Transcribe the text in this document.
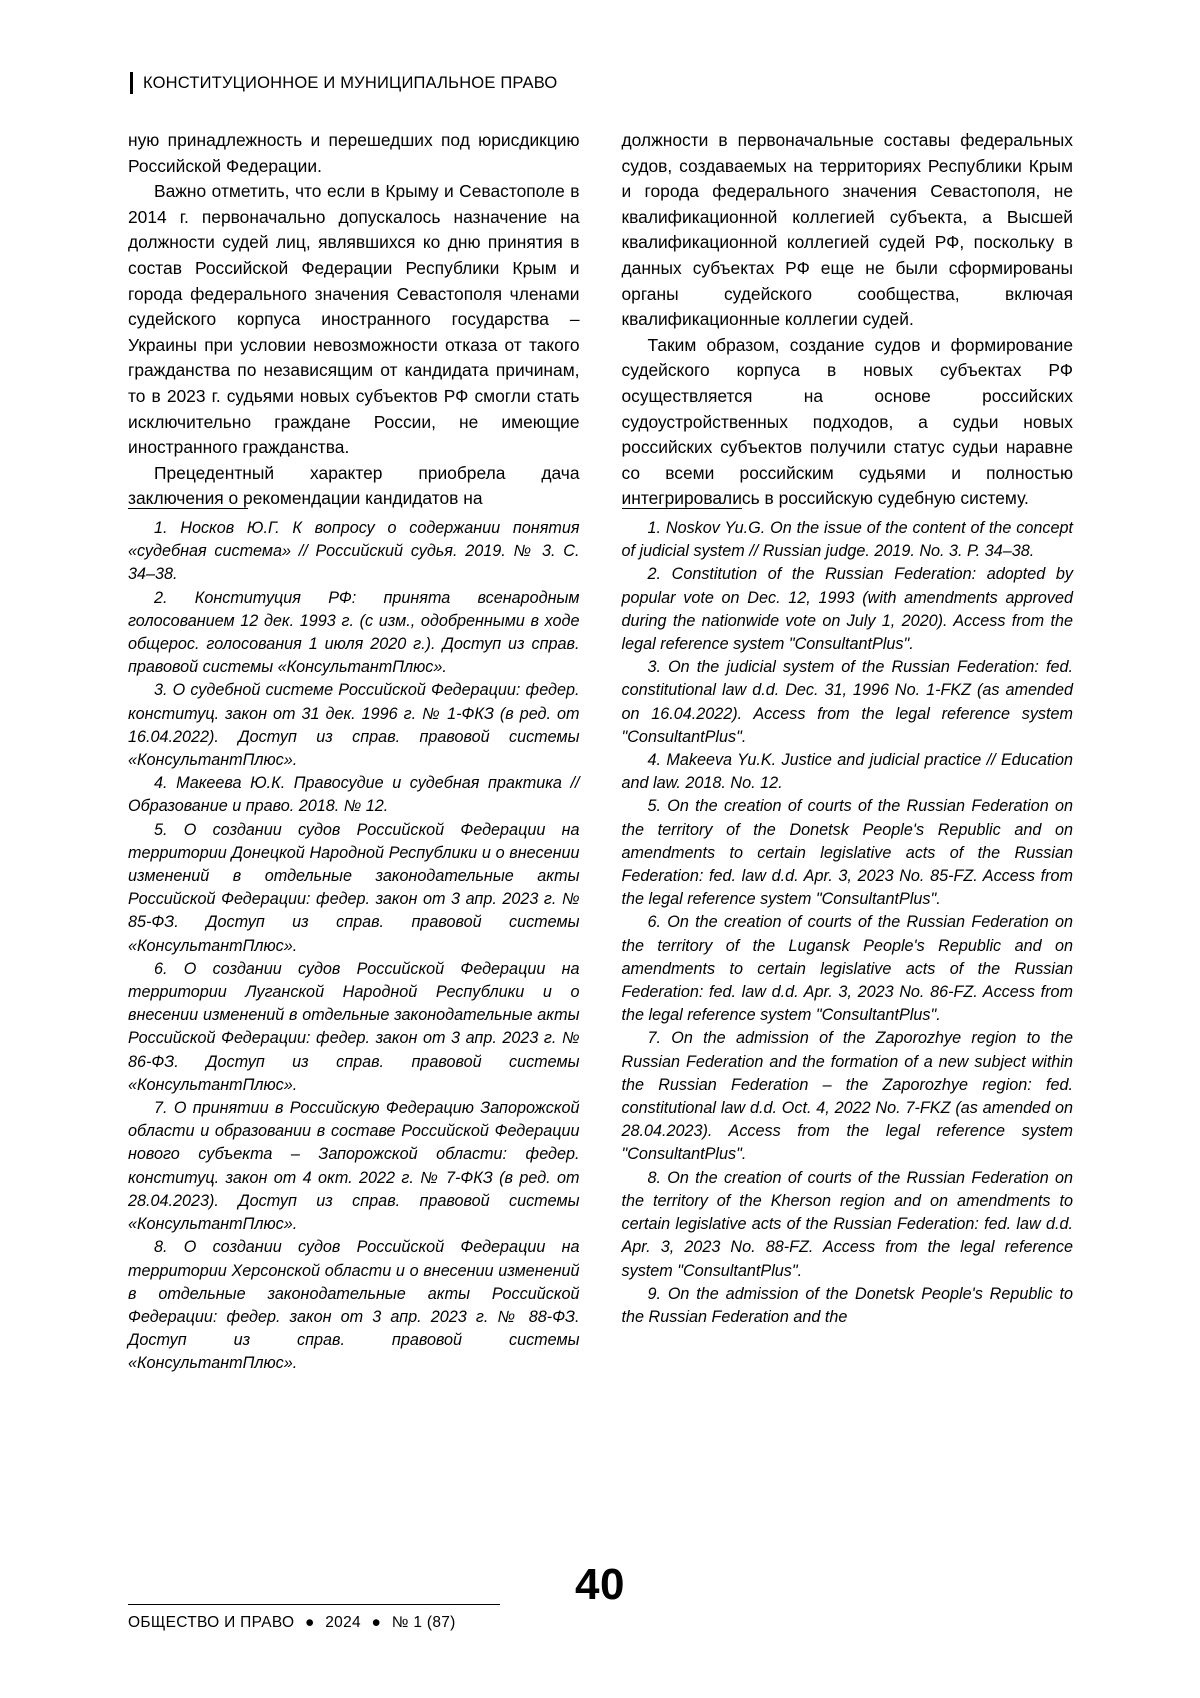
КОНСТИТУЦИОННОЕ И МУНИЦИПАЛЬНОЕ ПРАВО

ную принадлежность и перешедших под юрисдикцию Российской Федерации.

Важно отметить, что если в Крыму и Севастополе в 2014 г. первоначально допускалось назначение на должности судей лиц, являвшихся ко дню принятия в состав Российской Федерации Республики Крым и города федерального значения Севастополя членами судейского корпуса иностранного государства – Украины при условии невозможности отказа от такого гражданства по независящим от кандидата причинам, то в 2023 г. судьями новых субъектов РФ смогли стать исключительно граждане России, не имеющие иностранного гражданства.

Прецедентный характер приобрела дача заключения о рекомендации кандидатов на

должности в первоначальные составы федеральных судов, создаваемых на территориях Республики Крым и города федерального значения Севастополя, не квалификационной коллегией субъекта, а Высшей квалификационной коллегией судей РФ, поскольку в данных субъектах РФ еще не были сформированы органы судейского сообщества, включая квалификационные коллегии судей.

Таким образом, создание судов и формирование судейского корпуса в новых субъектах РФ осуществляется на основе российских судоустройственных подходов, а судьи новых российских субъектов получили статус судьи наравне со всеми российским судьями и полностью интегрировались в российскую судебную систему.

1. Носков Ю.Г. К вопросу о содержании понятия «судебная система» // Российский судья. 2019. № 3. С. 34–38.

2. Конституция РФ: принята всенародным голосованием 12 дек. 1993 г. (с изм., одобренными в ходе общерос. голосования 1 июля 2020 г.). Доступ из справ. правовой системы «КонсультантПлюс».

3. О судебной системе Российской Федерации: федер. конституц. закон от 31 дек. 1996 г. № 1-ФКЗ (в ред. от 16.04.2022). Доступ из справ. правовой системы «КонсультантПлюс».

4. Макеева Ю.К. Правосудие и судебная практика // Образование и право. 2018. № 12.

5. О создании судов Российской Федерации на территории Донецкой Народной Республики и о внесении изменений в отдельные законодательные акты Российской Федерации: федер. закон от 3 апр. 2023 г. № 85-ФЗ. Доступ из справ. правовой системы «КонсультантПлюс».

6. О создании судов Российской Федерации на территории Луганской Народной Республики и о внесении изменений в отдельные законодательные акты Российской Федерации: федер. закон от 3 апр. 2023 г. № 86-ФЗ. Доступ из справ. правовой системы «КонсультантПлюс».

7. О принятии в Российскую Федерацию Запорожской области и образовании в составе Российской Федерации нового субъекта – Запорожской области: федер. конституц. закон от 4 окт. 2022 г. № 7-ФКЗ (в ред. от 28.04.2023). Доступ из справ. правовой системы «КонсультантПлюс».

8. О создании судов Российской Федерации на территории Херсонской области и о внесении изменений в отдельные законодательные акты Российской Федерации: федер. закон от 3 апр. 2023 г. № 88-ФЗ. Доступ из справ. правовой системы «КонсультантПлюс».

1. Noskov Yu.G. On the issue of the content of the concept of judicial system // Russian judge. 2019. No. 3. P. 34–38.

2. Constitution of the Russian Federation: adopted by popular vote on Dec. 12, 1993 (with amendments approved during the nationwide vote on July 1, 2020). Access from the legal reference system "ConsultantPlus".

3. On the judicial system of the Russian Federation: fed. constitutional law d.d. Dec. 31, 1996 No. 1-FKZ (as amended on 16.04.2022). Access from the legal reference system "ConsultantPlus".

4. Makeeva Yu.K. Justice and judicial practice // Education and law. 2018. No. 12.

5. On the creation of courts of the Russian Federation on the territory of the Donetsk People's Republic and on amendments to certain legislative acts of the Russian Federation: fed. law d.d. Apr. 3, 2023 No. 85-FZ. Access from the legal reference system "ConsultantPlus".

6. On the creation of courts of the Russian Federation on the territory of the Lugansk People's Republic and on amendments to certain legislative acts of the Russian Federation: fed. law d.d. Apr. 3, 2023 No. 86-FZ. Access from the legal reference system "ConsultantPlus".

7. On the admission of the Zaporozhye region to the Russian Federation and the formation of a new subject within the Russian Federation – the Zaporozhye region: fed. constitutional law d.d. Oct. 4, 2022 No. 7-FKZ (as amended on 28.04.2023). Access from the legal reference system "ConsultantPlus".

8. On the creation of courts of the Russian Federation on the territory of the Kherson region and on amendments to certain legislative acts of the Russian Federation: fed. law d.d. Apr. 3, 2023 No. 88-FZ. Access from the legal reference system "ConsultantPlus".

9. On the admission of the Donetsk People's Republic to the Russian Federation and the

40
ОБЩЕСТВО И ПРАВО ● 2024 ● № 1 (87)
